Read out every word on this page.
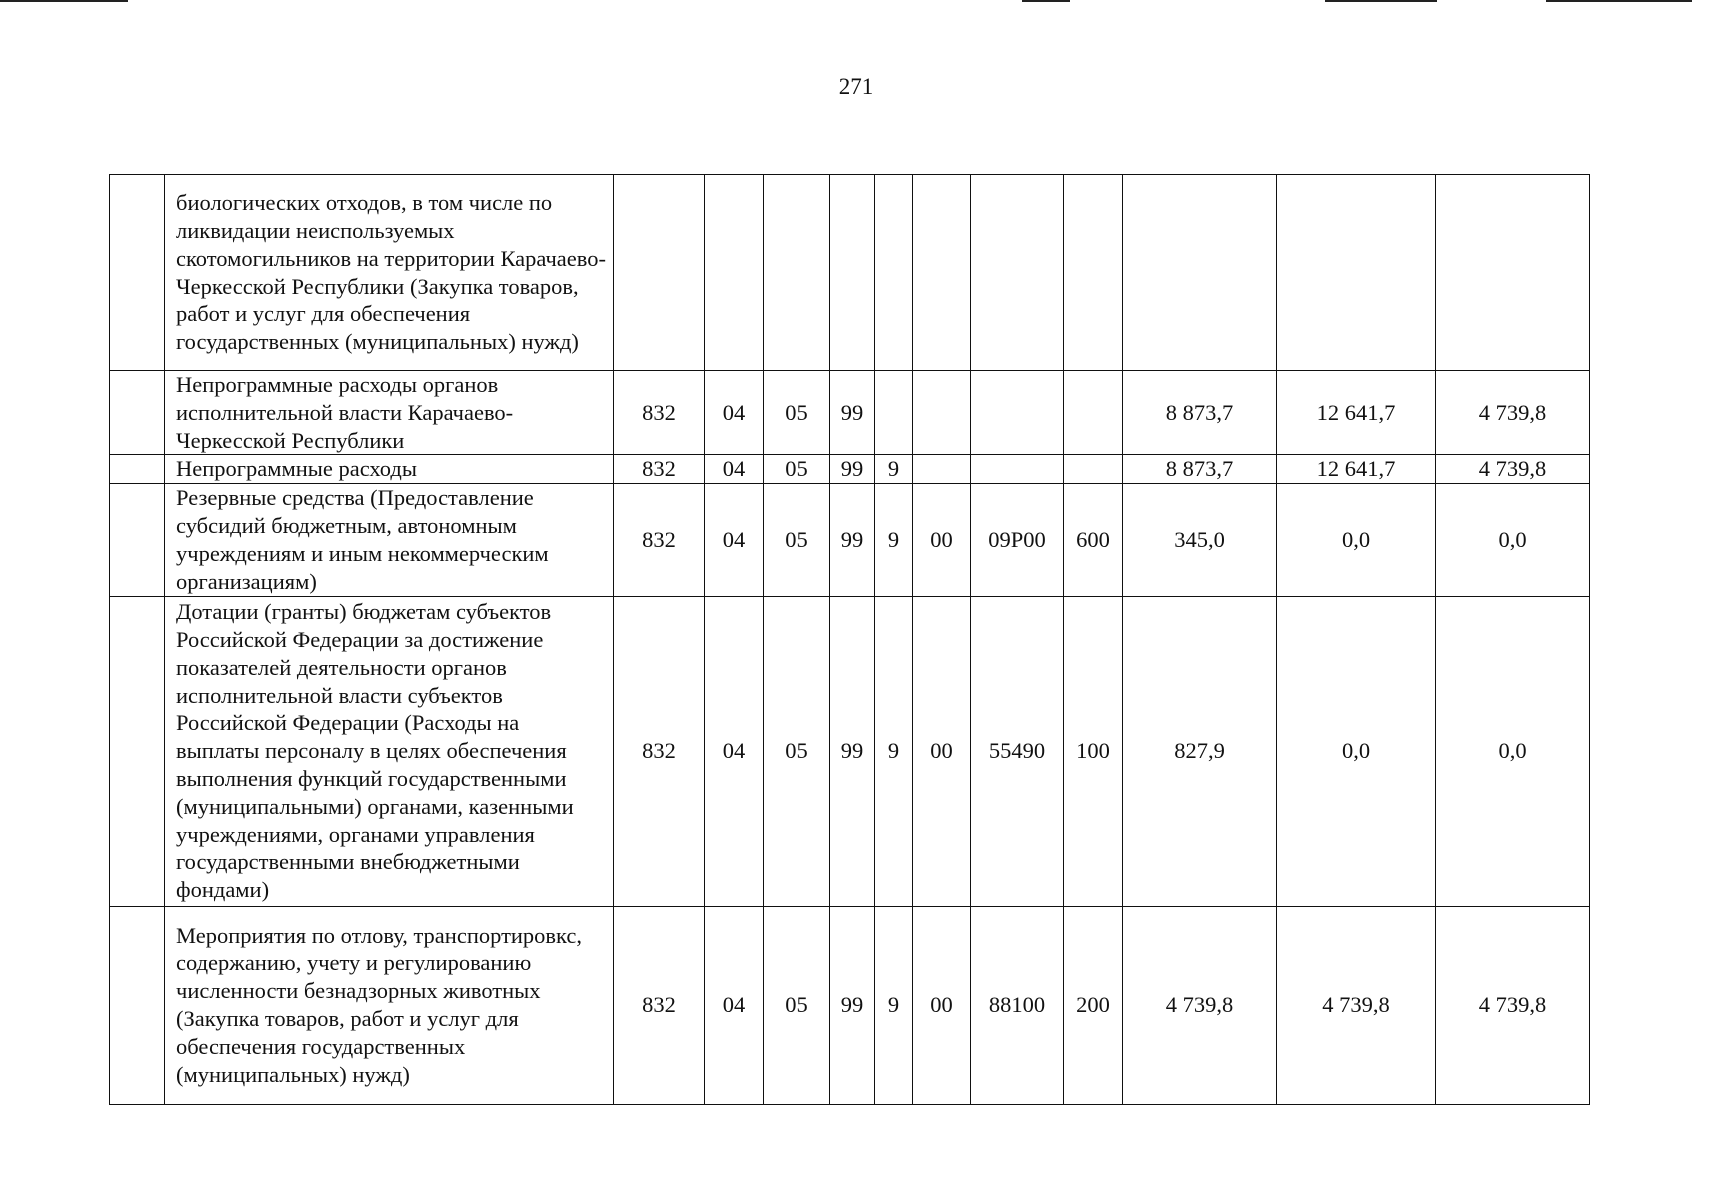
271
	биологических отходов, в том числе по ликвидации неиспользуемых скотомогильников на территории Карачаево-Черкесской Республики (Закупка товаров, работ и услуг для обеспечения государственных (муниципальных) нужд)											
	Непрограммные расходы органов исполнительной власти Карачаево-Черкесской Республики	832	04	05	99					8 873,7	12 641,7	4 739,8
	Непрограммные расходы	832	04	05	99	9				8 873,7	12 641,7	4 739,8
	Резервные средства (Предоставление субсидий бюджетным, автономным учреждениям и иным некоммерческим организациям)	832	04	05	99	9	00	09Р00	600	345,0	0,0	0,0
	Дотации (гранты) бюджетам субъектов Российской Федерации за достижение показателей деятельности органов исполнительной власти субъектов Российской Федерации (Расходы на выплаты персоналу в целях обеспечения выполнения функций государственными (муниципальными) органами, казенными учреждениями, органами управления государственными внебюджетными фондами)	832	04	05	99	9	00	55490	100	827,9	0,0	0,0
	Мероприятия по отлову, транспортировкс, содержанию, учету и регулированию численности безнадзорных животных (Закупка товаров, работ и услуг для обеспечения государственных (муниципальных) нужд)	832	04	05	99	9	00	88100	200	4 739,8	4 739,8	4 739,8
